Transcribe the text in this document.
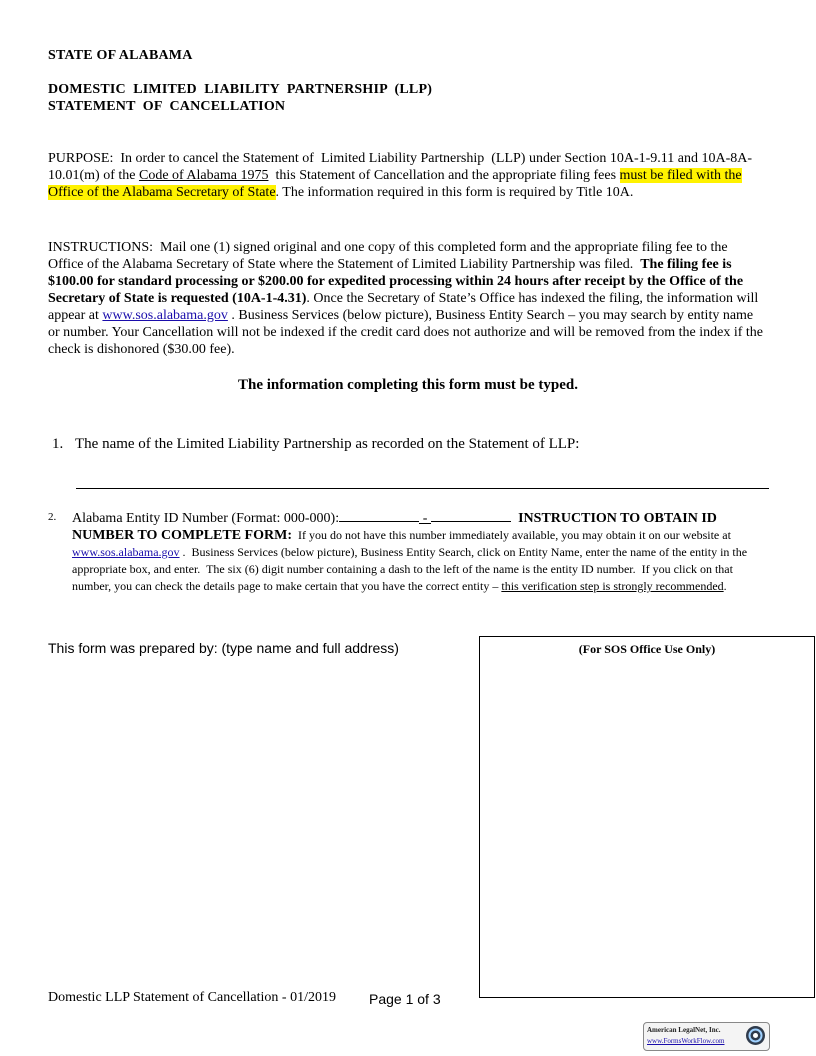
STATE OF ALABAMA
DOMESTIC  LIMITED  LIABILITY  PARTNERSHIP  (LLP)
STATEMENT  OF  CANCELLATION
PURPOSE:  In order to cancel the Statement of  Limited Liability Partnership  (LLP) under Section 10A-1-9.11 and 10A-8A-10.01(m) of the Code of Alabama 1975  this Statement of Cancellation and the appropriate filing fees must be filed with the Office of the Alabama Secretary of State. The information required in this form is required by Title 10A.
INSTRUCTIONS:  Mail one (1) signed original and one copy of this completed form and the appropriate filing fee to the Office of the Alabama Secretary of State where the Statement of Limited Liability Partnership was filed.  The filing fee is $100.00 for standard processing or $200.00 for expedited processing within 24 hours after receipt by the Office of the Secretary of State is requested (10A-1-4.31). Once the Secretary of State’s Office has indexed the filing, the information will appear at www.sos.alabama.gov . Business Services (below picture), Business Entity Search – you may search by entity name or number. Your Cancellation will not be indexed if the credit card does not authorize and will be removed from the index if the check is dishonored ($30.00 fee).
The information completing this form must be typed.
1. The name of the Limited Liability Partnership as recorded on the Statement of LLP:
2. Alabama Entity ID Number (Format: 000-000):	-	INSTRUCTION TO OBTAIN ID NUMBER TO COMPLETE FORM:  If you do not have this number immediately available, you may obtain it on our website at www.sos.alabama.gov .  Business Services (below picture), Business Entity Search, click on Entity Name, enter the name of the entity in the appropriate box, and enter.  The six (6) digit number containing a dash to the left of the name is the entity ID number.  If you click on that number, you can check the details page to make certain that you have the correct entity – this verification step is strongly recommended.
This form was prepared by: (type name and full address)	(For SOS Office Use Only)
Domestic LLP Statement of Cancellation - 01/2019 Page 1 of 3
American LegalNet, Inc.
www.FormsWorkFlow.com
